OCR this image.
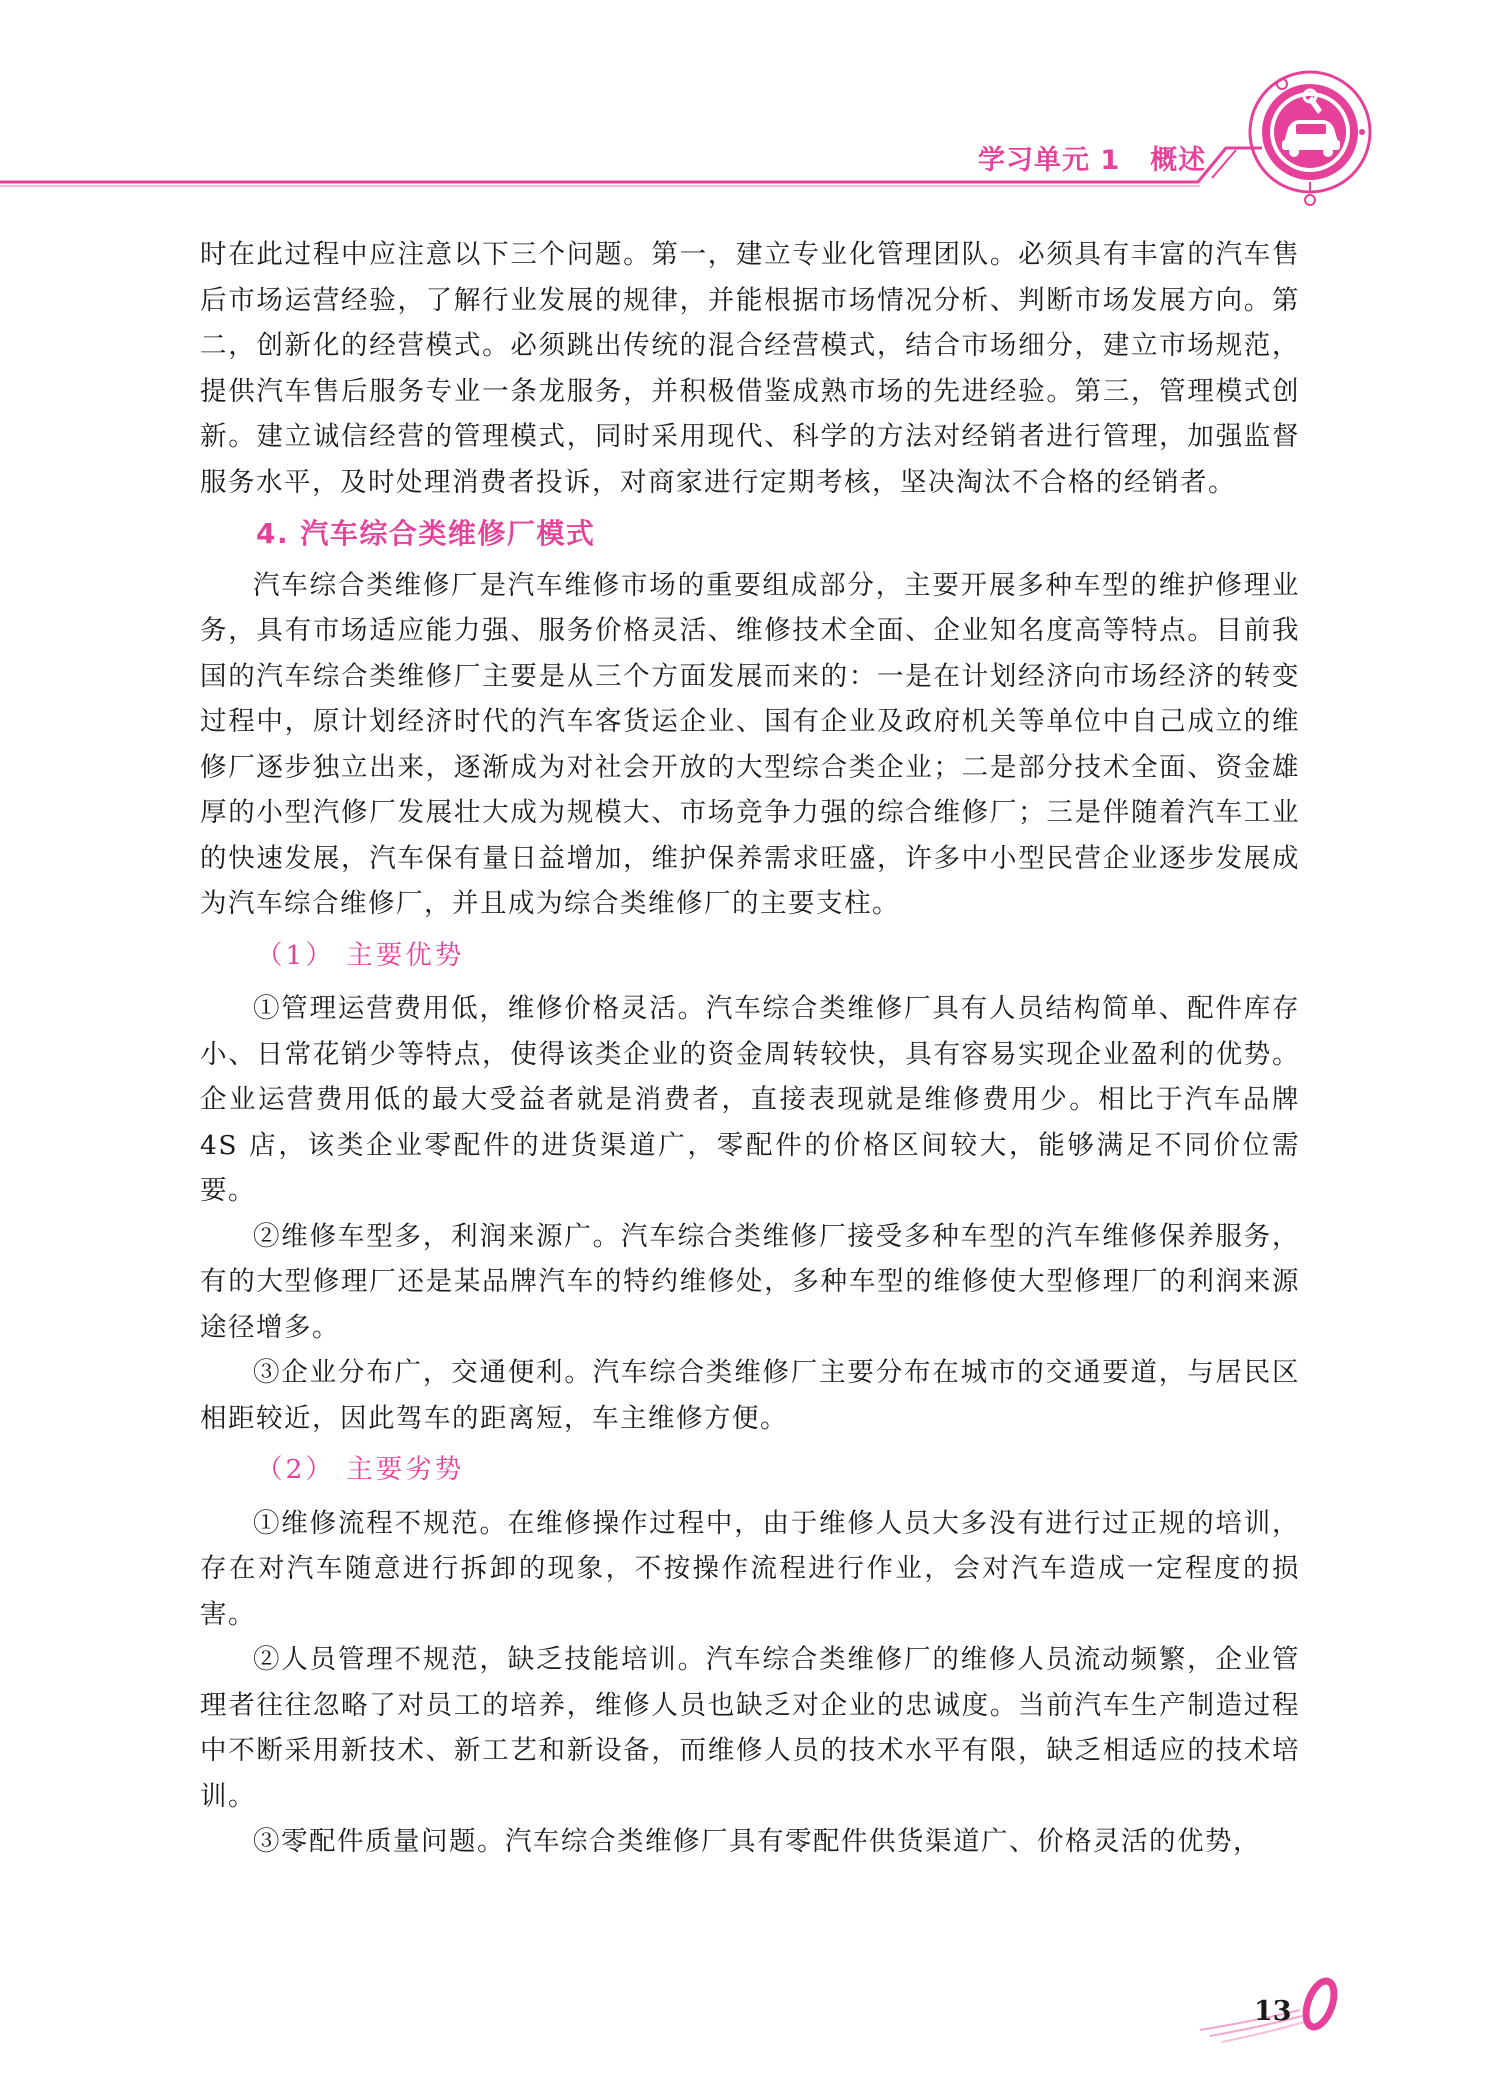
学习单元 1 概述

时在此过程中应注意以下三个问题。第一，建立专业化管理团队。必须具有丰富的汽车售后市场运营经验，了解行业发展的规律，并能根据市场情况分析、判断市场发展方向。第二，创新化的经营模式。必须跳出传统的混合经营模式，结合市场细分，建立市场规范，提供汽车售后服务专业一条龙服务，并积极借鉴成熟市场的先进经验。第三，管理模式创新。建立诚信经营的管理模式，同时采用现代、科学的方法对经销者进行管理，加强监督服务水平，及时处理消费者投诉，对商家进行定期考核，坚决淘汰不合格的经销者。

4. 汽车综合类维修厂模式

汽车综合类维修厂是汽车维修市场的重要组成部分，主要开展多种车型的维护修理业务，具有市场适应能力强、服务价格灵活、维修技术全面、企业知名度高等特点。目前我国的汽车综合类维修厂主要是从三个方面发展而来的：一是在计划经济向市场经济的转变过程中，原计划经济时代的汽车客货运企业、国有企业及政府机关等单位中自己成立的维修厂逐步独立出来，逐渐成为对社会开放的大型综合类企业；二是部分技术全面、资金雄厚的小型汽修厂发展壮大成为规模大、市场竞争力强的综合维修厂；三是伴随着汽车工业的快速发展，汽车保有量日益增加，维护保养需求旺盛，许多中小型民营企业逐步发展成为汽车综合维修厂，并且成为综合类维修厂的主要支柱。

（1） 主要优势

①管理运营费用低，维修价格灵活。汽车综合类维修厂具有人员结构简单、配件库存小、日常花销少等特点，使得该类企业的资金周转较快，具有容易实现企业盈利的优势。企业运营费用低的最大受益者就是消费者，直接表现就是维修费用少。相比于汽车品牌 4S 店，该类企业零配件的进货渠道广，零配件的价格区间较大，能够满足不同价位需要。

②维修车型多，利润来源广。汽车综合类维修厂接受多种车型的汽车维修保养服务，有的大型修理厂还是某品牌汽车的特约维修处，多种车型的维修使大型修理厂的利润来源途径增多。

③企业分布广，交通便利。汽车综合类维修厂主要分布在城市的交通要道，与居民区相距较近，因此驾车的距离短，车主维修方便。

（2） 主要劣势

①维修流程不规范。在维修操作过程中，由于维修人员大多没有进行过正规的培训，存在对汽车随意进行拆卸的现象，不按操作流程进行作业，会对汽车造成一定程度的损害。

②人员管理不规范，缺乏技能培训。汽车综合类维修厂的维修人员流动频繁，企业管理者往往忽略了对员工的培养，维修人员也缺乏对企业的忠诚度。当前汽车生产制造过程中不断采用新技术、新工艺和新设备，而维修人员的技术水平有限，缺乏相适应的技术培训。

③零配件质量问题。汽车综合类维修厂具有零配件供货渠道广、价格灵活的优势，

13
